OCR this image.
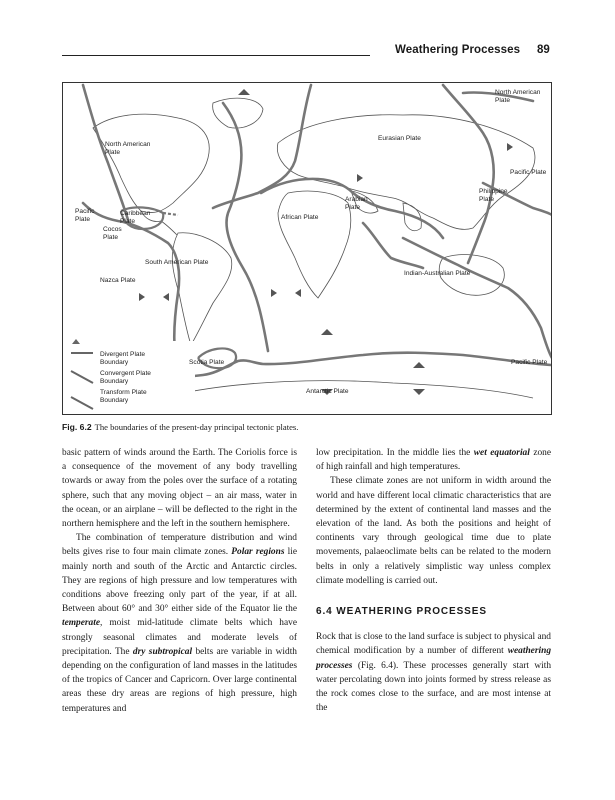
Weathering Processes 89
North American
Plate
North American
Plate
Eurasian Plate
Pacific Plate
Philippine
Plate
Arabian
Plate
Pacific
Plate
Caribbean
Plate
African Plate
Cocos
Plate
South American Plate
Indian-Australian Plate
Nazca Plate
Scotia Plate	Pacific Plate
Antarctic Plate
Divergent Plate
Boundary
Convergent Plate
Boundary
Transform Plate
Boundary
Fig. 6.2 The boundaries of the present-day principal tectonic plates.

basic pattern of winds around the Earth. The Coriolis force is a consequence of the movement of any body travelling towards or away from the poles over the surface of a rotating sphere, such that any moving object – an air mass, water in the ocean, or an airplane – will be deflected to the right in the northern hemisphere and the left in the southern hemisphere.

The combination of temperature distribution and wind belts gives rise to four main climate zones. Polar regions lie mainly north and south of the Arctic and Antarctic circles. They are regions of high pressure and low temperatures with conditions above freezing only part of the year, if at all. Between about 60° and 30° either side of the Equator lie the temperate, moist mid-latitude climate belts which have strongly seasonal climates and moderate levels of precipitation. The dry subtropical belts are variable in width depending on the configuration of land masses in the latitudes of the tropics of Cancer and Capricorn. Over large continental areas these dry areas are regions of high pressure, high temperatures and

low precipitation. In the middle lies the wet equatorial zone of high rainfall and high temperatures.

These climate zones are not uniform in width around the world and have different local climatic characteristics that are determined by the extent of continental land masses and the elevation of the land. As both the positions and height of continents vary through geological time due to plate movements, palaeoclimate belts can be related to the modern belts in only a relatively simplistic way unless complex climate modelling is carried out.

6.4 WEATHERING PROCESSES

Rock that is close to the land surface is subject to physical and chemical modification by a number of different weathering processes (Fig. 6.4). These processes generally start with water percolating down into joints formed by stress release as the rock comes close to the surface, and are most intense at the
